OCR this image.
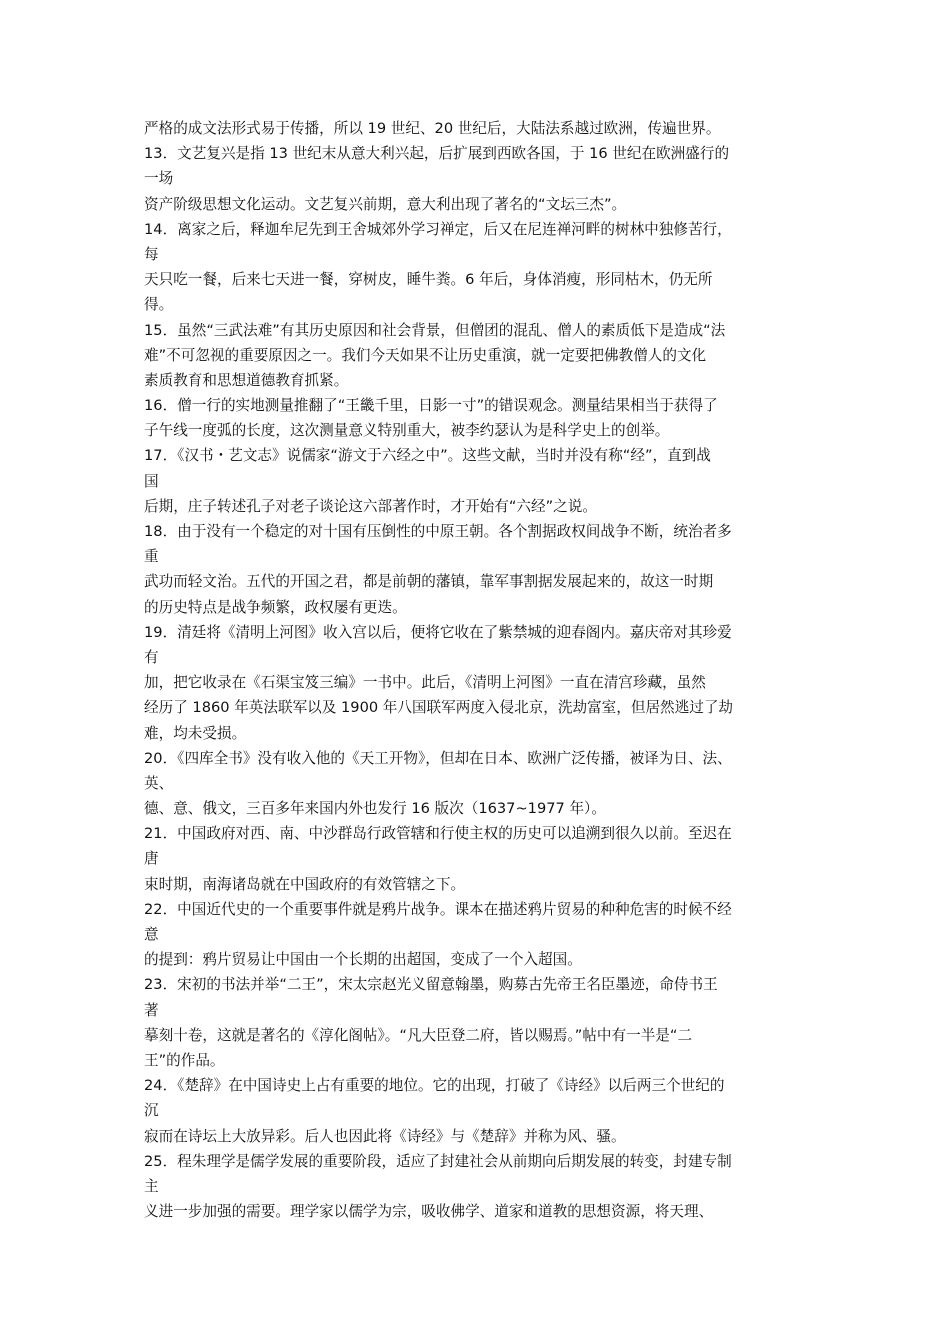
严格的成文法形式易于传播，所以 19 世纪、20 世纪后，大陆法系越过欧洲，传遍世界。
13．文艺复兴是指 13 世纪末从意大利兴起，后扩展到西欧各国，于 16 世纪在欧洲盛行的
一场
资产阶级思想文化运动。文艺复兴前期，意大利出现了著名的“文坛三杰”。
14．离家之后，释迦牟尼先到王舍城郊外学习禅定，后又在尼连禅河畔的树林中独修苦行，
每
天只吃一餐，后来七天进一餐，穿树皮，睡牛粪。6 年后，身体消瘦，形同枯木，仍无所
得。
15．虽然“三武法难”有其历史原因和社会背景，但僧团的混乱、僧人的素质低下是造成“法
难”不可忽视的重要原因之一。我们今天如果不让历史重演，就一定要把佛教僧人的文化
素质教育和思想道德教育抓紧。
16．僧一行的实地测量推翻了“王畿千里，日影一寸”的错误观念。测量结果相当于获得了
子午线一度弧的长度，这次测量意义特别重大，被李约瑟认为是科学史上的创举。
17．《汉书・艺文志》说儒家“游文于六经之中”。这些文献，当时并没有称“经”，直到战
国
后期，庄子转述孔子对老子谈论这六部著作时，才开始有“六经”之说。
18．由于没有一个稳定的对十国有压倒性的中原王朝。各个割据政权间战争不断，统治者多
重
武功而轻文治。五代的开国之君，都是前朝的藩镇，靠军事割据发展起来的，故这一时期
的历史特点是战争频繁，政权屡有更迭。
19．清廷将《清明上河图》收入宫以后，便将它收在了紫禁城的迎春阁内。嘉庆帝对其珍爱
有
加，把它收录在《石渠宝笈三编》一书中。此后，《清明上河图》一直在清宫珍藏，虽然
经历了 1860 年英法联军以及 1900 年八国联军两度入侵北京，洗劫富室，但居然逃过了劫
难，均未受损。
20．《四库全书》没有收入他的《天工开物》，但却在日本、欧洲广泛传播，被译为日、法、
英、
德、意、俄文，三百多年来国内外也发行 16 版次（1637~1977 年）。
21．中国政府对西、南、中沙群岛行政管辖和行使主权的历史可以追溯到很久以前。至迟在
唐
束时期，南海诸岛就在中国政府的有效管辖之下。
22．中国近代史的一个重要事件就是鸦片战争。课本在描述鸦片贸易的种种危害的时候不经
意
的提到：鸦片贸易让中国由一个长期的出超国，变成了一个入超国。
23．宋初的书法并举“二王”，宋太宗赵光义留意翰墨，购募古先帝王名臣墨迹，命侍书王
著
摹刻十卷，这就是著名的《淳化阁帖》。“凡大臣登二府，皆以赐焉。”帖中有一半是“二
王”的作品。
24．《楚辞》在中国诗史上占有重要的地位。它的出现，打破了《诗经》以后两三个世纪的
沉
寂而在诗坛上大放异彩。后人也因此将《诗经》与《楚辞》并称为风、骚。
25．程朱理学是儒学发展的重要阶段，适应了封建社会从前期向后期发展的转变，封建专制
主
义进一步加强的需要。理学家以儒学为宗，吸收佛学、道家和道教的思想资源，将天理、
